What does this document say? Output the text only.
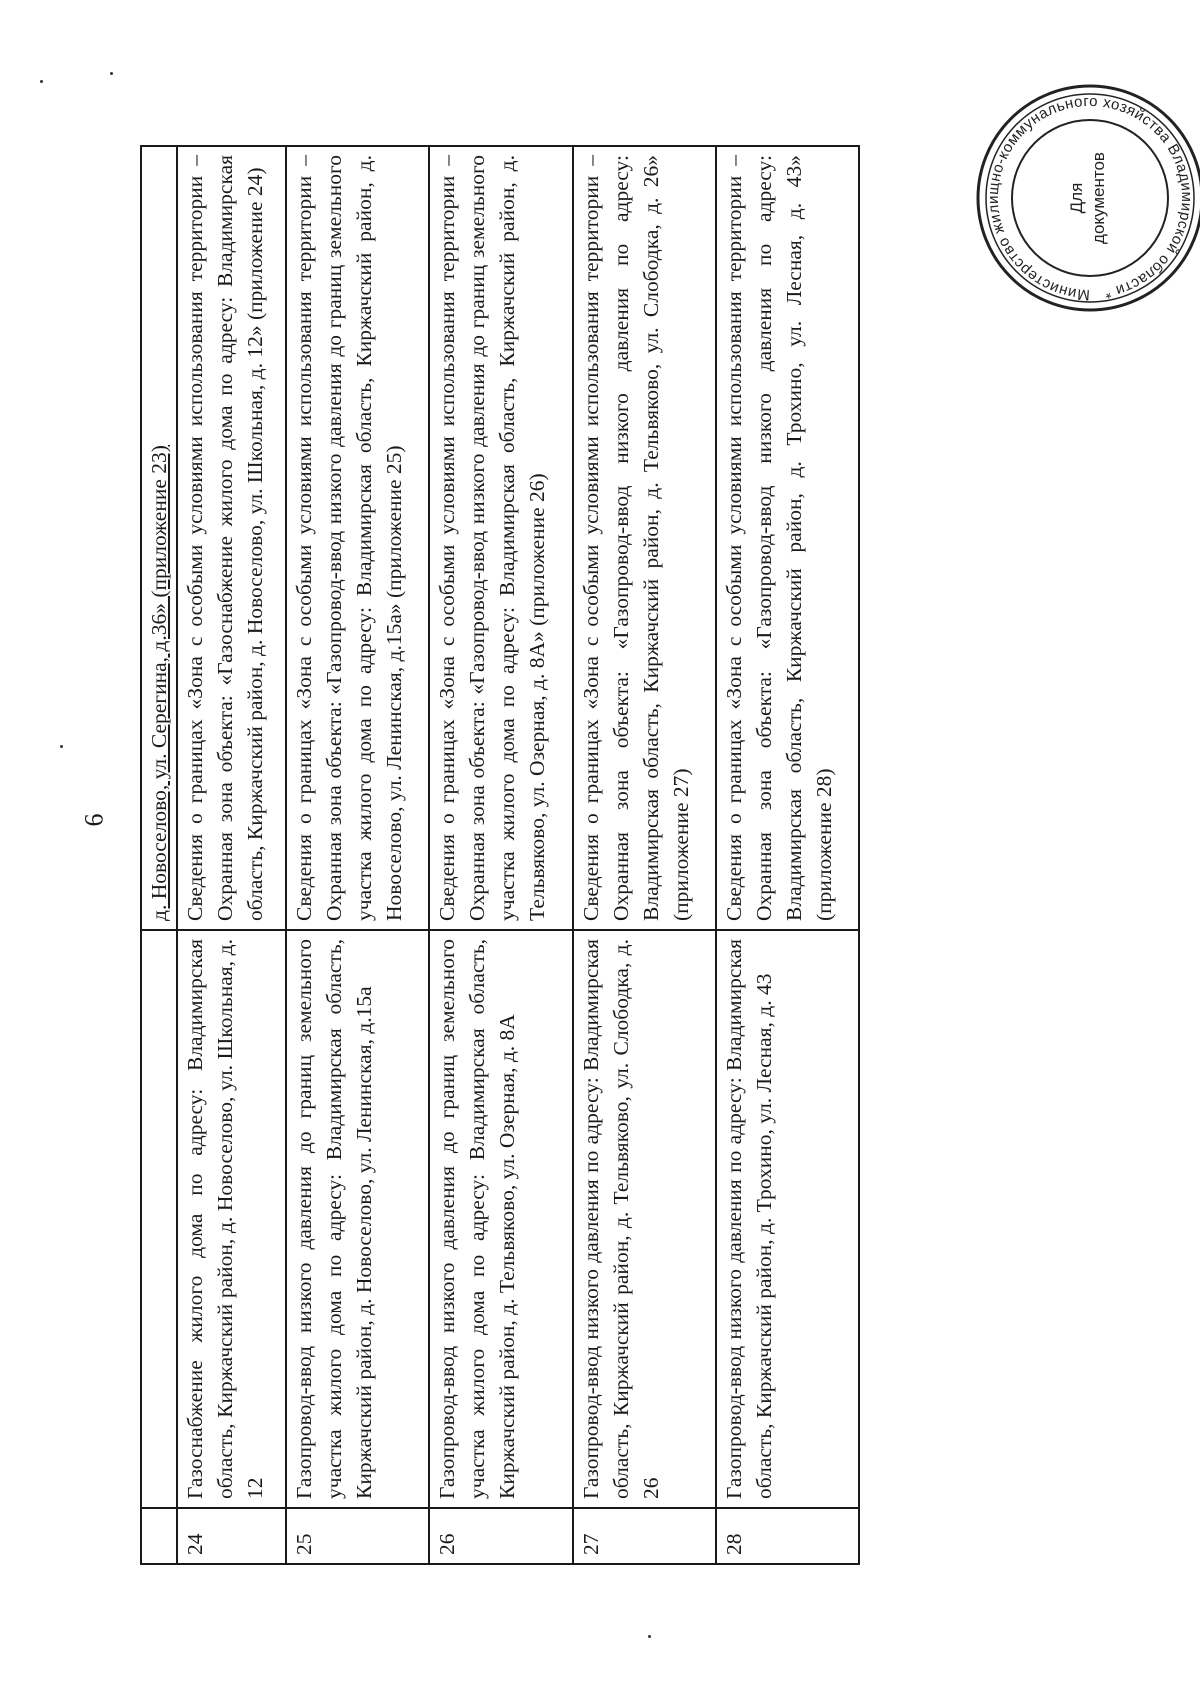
6
		д. Новоселово, ул. Серегина, д.36» (приложение 23)
24	Газоснабжение жилого дома по адресу: Владимирская область, Киржачский район, д. Новоселово, ул. Школьная, д. 12	Сведения о границах «Зона с особыми условиями использования территории – Охранная зона объекта: «Газоснабжение жилого дома по адресу: Владимирская область, Киржачский район, д. Новоселово, ул. Школьная, д. 12» (приложение 24)
25	Газопровод-ввод низкого давления до границ земельного участка жилого дома по адресу: Владимирская область, Киржачский район, д. Новоселово, ул. Ленинская, д.15а	Сведения о границах «Зона с особыми условиями использования территории – Охранная зона объекта: «Газопровод-ввод низкого давления до границ земельного участка жилого дома по адресу: Владимирская область, Киржачский район, д. Новоселово, ул. Ленинская, д.15а» (приложение 25)
26	Газопровод-ввод низкого давления до границ земельного участка жилого дома по адресу: Владимирская область, Киржачский район, д. Тельвяково, ул. Озерная, д. 8А	Сведения о границах «Зона с особыми условиями использования территории – Охранная зона объекта: «Газопровод-ввод низкого давления до границ земельного участка жилого дома по адресу: Владимирская область, Киржачский район, д. Тельвяково, ул. Озерная, д. 8А» (приложение 26)
27	Газопровод-ввод низкого давления по адресу: Владимирская область, Киржачский район, д. Тельвяково, ул. Слободка, д. 26	Сведения о границах «Зона с особыми условиями использования территории – Охранная зона объекта: «Газопровод-ввод низкого давления по адресу: Владимирская область, Киржачский район, д. Тельвяково, ул. Слободка, д. 26» (приложение 27)
28	Газопровод-ввод низкого давления по адресу: Владимирская область, Киржачский район, д. Трохино, ул. Лесная, д. 43	Сведения о границах «Зона с особыми условиями использования территории – Охранная зона объекта: «Газопровод-ввод низкого давления по адресу: Владимирская область, Киржачский район, д. Трохино, ул. Лесная, д. 43» (приложение 28)
Министерство жилищно-коммунального хозяйства Владимирской области *
Для документов
